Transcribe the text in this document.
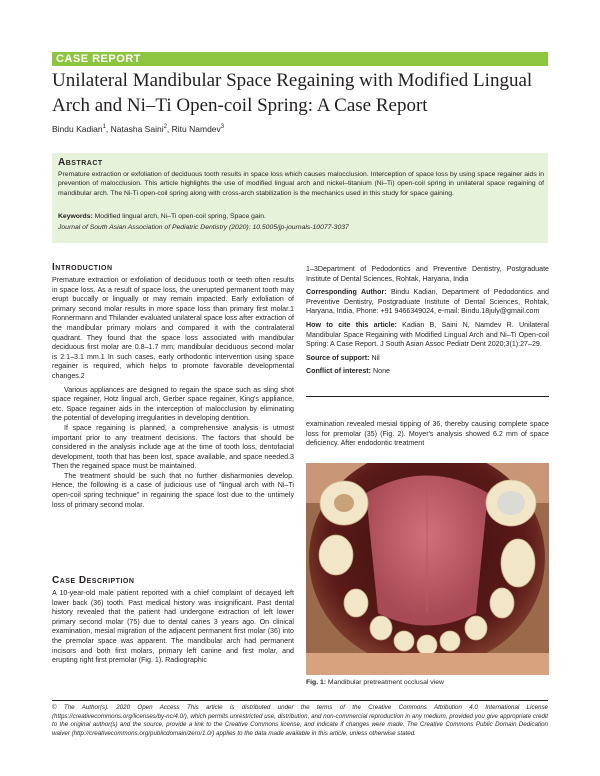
CASE REPORT
Unilateral Mandibular Space Regaining with Modified Lingual Arch and Ni–Ti Open-coil Spring: A Case Report
Bindu Kadian$^1$, Natasha Saini$^2$, Ritu Namdev$^3$
Abstract
Premature extraction or exfoliation of deciduous tooth results in space loss which causes malocclusion. Interception of space loss by using space regainer aids in prevention of malocclusion. This article highlights the use of modified lingual arch and nickel–titanium (Ni–Ti) open-coil spring in unilateral space regaining of mandibular arch. The Ni-Ti open-coil spring along with cross-arch stabilization is the mechanics used in this study for space gaining.
Keywords: Modified lingual arch, Ni–Ti open-coil spring, Space gain.
Journal of South Asian Association of Pediatric Dentistry (2020): 10.5005/jp-journals-10077-3037
Introduction

Premature extraction or exfoliation of deciduous tooth or teeth often results in space loss. As a result of space loss, the unerupted permanent tooth may erupt buccally or lingually or may remain impacted. Early exfoliation of primary second molar results in more space loss than primary first molar.1 Ronnermann and Thilander evaluated unilateral space loss after extraction of the mandibular primary molars and compared it with the contralateral quadrant. They found that the space loss associated with mandibular deciduous first molar are 0.8–1.7 mm; mandibular deciduous second molar is 2.1–3.1 mm.1 In such cases, early orthodontic intervention using space regainer is required, which helps to promote favorable developmental changes.2

Various appliances are designed to regain the space such as sling shot space regainer, Hotz lingual arch, Gerber space regainer, King's appliance, etc. Space regainer aids in the interception of malocclusion by eliminating the potential of developing irregularities in developing dentition.

If space regaining is planned, a comprehensive analysis is utmost important prior to any treatment decisions. The factors that should be considered in the analysis include age at the time of tooth loss, dentofacial development, tooth that has been lost, space available, and space needed.3 Then the regained space must be maintained.

The treatment should be such that no further disharmonies develop. Hence, the following is a case of judicious use of "lingual arch with Ni–Ti open-coil spring technique" in regaining the space lost due to the untimely loss of primary second molar.

Case Description
A 10-year-old male patient reported with a chief complaint of decayed left lower back (36) tooth. Past medical history was insignificant. Past dental history revealed that the patient had undergone extraction of left lower primary second molar (75) due to dental caries 3 years ago. On clinical examination, mesial migration of the adjacent permanent first molar (36) into the premolar space was apparent. The mandibular arch had permanent incisors and both first molars, primary left canine and first molar, and erupting right first premolar (Fig. 1). Radiographic

1–3Department of Pedodontics and Preventive Dentistry, Postgraduate Institute of Dental Sciences, Rohtak, Haryana, India

Corresponding Author: Bindu Kadian, Department of Pedodontics and Preventive Dentistry, Postgraduate Institute of Dental Sciences, Rohtak, Haryana, India, Phone: +91 9466349024, e-mail: Bindu.18july@gmail.com

How to cite this article: Kadian B, Saini N, Namdev R. Unilateral Mandibular Space Regaining with Modified Lingual Arch and Ni–Ti Open-coil Spring: A Case Report. J South Asian Assoc Pediatr Dent 2020;3(1):27–29.

Source of support: Nil

Conflict of interest: None

examination revealed mesial tipping of 36, thereby causing complete space loss for premolar (35) (Fig. 2). Moyer's analysis showed 6.2 mm of space deficiency. After endodontic treatment
Fig. 1: Mandibular pretreatment occlusal view
© The Author(s). 2020 Open Access This article is distributed under the terms of the Creative Commons Attribution 4.0 International License (https://creativecommons.org/licenses/by-nc/4.0/), which permits unrestricted use, distribution, and non-commercial reproduction in any medium, provided you give appropriate credit to the original author(s) and the source, provide a link to the Creative Commons license, and indicate if changes were made. The Creative Commons Public Domain Dedication waiver (http://creativecommons.org/publicdomain/zero/1.0/) applies to the data made available in this article, unless otherwise stated.
